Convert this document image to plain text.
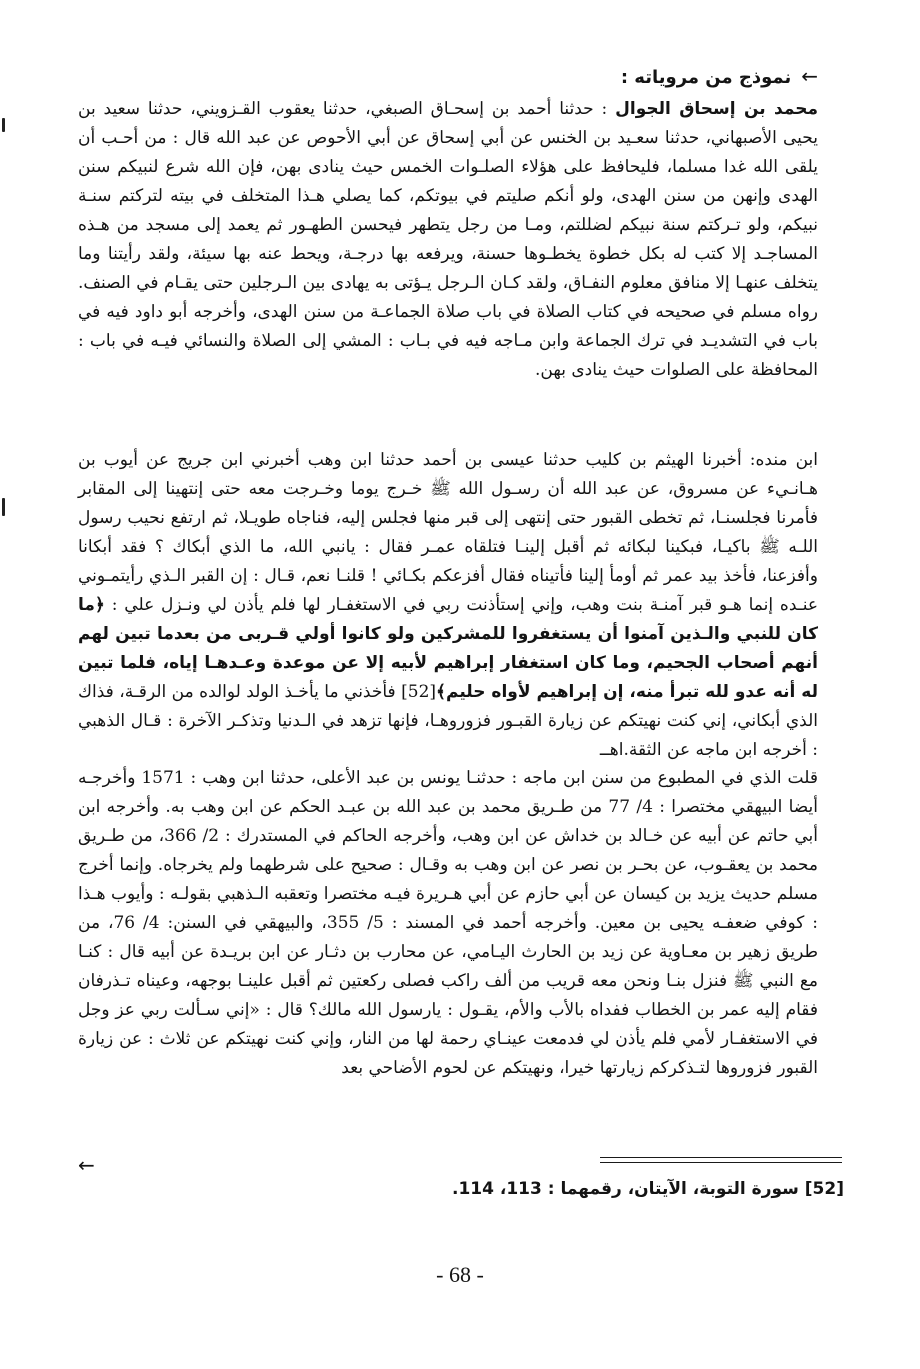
←نموذج من مروياته :
محمد بن إسحاق الجوال : حدثنا أحمد بن إسحـاق الصبغي، حدثنا يعقوب القـزويني، حدثنا سعيد بن يحيى الأصبهاني، حدثنا سعـيد بن الخنس عن أبي إسحاق عن أبي الأحوص عن عبد الله قال : من أحـب أن يلقى الله غدا مسلما، فليحافظ على هؤلاء الصلـوات الخمس حيث ينادى بهن، فإن الله شرع لنبيكم سنن الهدى وإنهن من سنن الهدى، ولو أنكم صليتم في بيوتكم، كما يصلي هـذا المتخلف في بيته لتركتم سنـة نبيكم، ولو تـركتم سنة نبيكم لضللتم، ومـا من رجل يتطهر فيحسن الطهـور ثم يعمد إلى مسجد من هـذه المساجـد إلا كتب له بكل خطوة يخطـوها حسنة، ويرفعه بها درجـة، ويحط عنه بها سيئة، ولقد رأيتنا وما يتخلف عنهـا إلا منافق معلوم النفـاق، ولقد كـان الـرجل يـؤتى به يهادى بين الـرجلين حتى يقـام في الصنف. رواه مسلم في صحيحه في كتاب الصلاة في باب صلاة الجماعـة من سنن الهدى، وأخرجه أبو داود فيه في باب في التشديـد في ترك الجماعة وابن مـاجه فيه في بـاب : المشي إلى الصلاة والنسائي فيـه في باب : المحافظة على الصلوات حيث ينادى بهن.
ابن منده: أخبرنا الهيثم بن كليب حدثنا عيسى بن أحمد حدثنا ابن وهب أخبرني ابن جريج عن أيوب بن هـانـيء عن مسروق، عن عبد الله أن رسـول الله ﷺ خـرج يوما وخـرجت معه حتى إنتهينا إلى المقابر فأمرنا فجلسنـا، ثم تخطى القبور حتى إنتهى إلى قبر منها فجلس إليه، فناجاه طويـلا، ثم ارتفع نحيب رسول اللـه ﷺ باكيـا، فبكينا لبكائه ثم أقبل إلينـا فتلقاه عمـر فقال : يانبي الله، ما الذي أبكاك ؟ فقد أبكانا وأفزعنا، فأخذ بيد عمر ثم أومأ إلينا فأتيناه فقال أفزعكم بكـائي ! قلنـا نعم، قـال : إن القبر الـذي رأيتمـوني عنـده إنما هـو قبر آمنـة بنت وهب، وإني إستأذنت ربي في الاستغفـار لها فلم يأذن لي ونـزل علي : ﴿ما كان للنبي والـذين آمنوا أن يستغفروا للمشركين ولو كانوا أولي قـربى من بعدما تبين لهم أنهم أصحاب الجحيم، وما كان استغفار إبراهيم لأبيه إلا عن موعدة وعـدهـا إياه، فلما تبين له أنه عدو لله تبرأ منه، إن إبراهيم لأواه حليم﴾[52] فأخذني ما يأخـذ الولد لوالده من الرقـة، فذاك الذي أبكاني، إني كنت نهيتكم عن زيارة القبـور فزوروهـا، فإنها تزهد في الـدنيا وتذكـر الآخرة : قـال الذهبي : أخرجه ابن ماجه عن الثقة.اهــ
قلت الذي في المطبوع من سنن ابن ماجه : حدثنـا يونس بن عبد الأعلى، حدثنا ابن وهب : 1571 وأخرجـه أيضا البيهقي مختصرا : 4/ 77 من طـريق محمد بن عبد الله بن عبـد الحكم عن ابن وهب به. وأخرجه ابن أبي حاتم عن أبيه عن خـالد بن خداش عن ابن وهب، وأخرجه الحاكم في المستدرك : 2/ 366، من طـريق محمد بن يعقـوب، عن بحـر بن نصر عن ابن وهب به وقـال : صحيح على شرطهما ولم يخرجاه. وإنما أخرج مسلم حديث يزيد بن كيسان عن أبي حازم عن أبي هـريرة فيـه مختصرا وتعقبه الـذهبي بقولـه : وأيوب هـذا : كوفي ضعفـه يحيى بن معين. وأخرجه أحمد في المسند : 5/ 355، والبيهقي في السنن: 4/ 76، من طريق زهير بن معـاوية عن زيد بن الحارث اليـامي، عن محارب بن دثـار عن ابن بريـدة عن أبيه قال : كنـا مع النبي ﷺ فنزل بنـا ونحن معه قريب من ألف راكب فصلى ركعتين ثم أقبل علينـا بوجهه، وعيناه تـذرفان فقام إليه عمر بن الخطاب ففداه بالأب والأم، يقـول : يارسول الله مالك؟ قال : «إني سـألت ربي عز وجل في الاستغفـار لأمي فلم يأذن لي فدمعت عينـاي رحمة لها من النار، وإني كنت نهيتكم عن ثلاث : عن زيارة القبور فزوروها لتـذكركم زيارتها خيرا، ونهيتكم عن لحوم الأضاحي بعد
←
[52] سورة التوبة، الآيتان، رقمهما : 113، 114.
- 68 -
